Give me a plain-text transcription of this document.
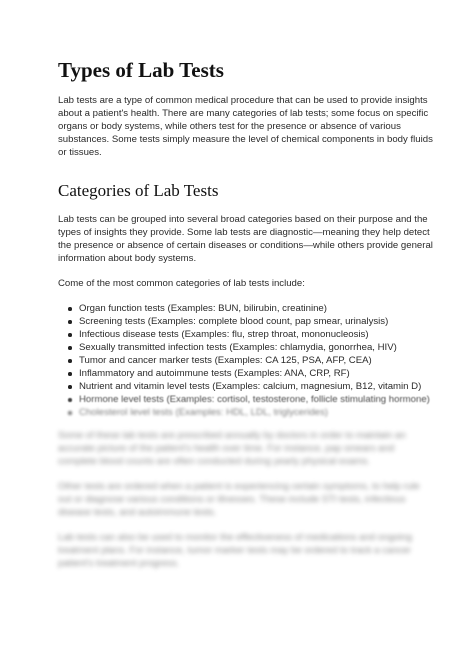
Types of Lab Tests

Lab tests are a type of common medical procedure that can be used to provide insights about a patient's health. There are many categories of lab tests; some focus on specific organs or body systems, while others test for the presence or absence of various substances. Some tests simply measure the level of chemical components in body fluids or tissues.

Categories of Lab Tests

Lab tests can be grouped into several broad categories based on their purpose and the types of insights they provide. Some lab tests are diagnostic—meaning they help detect the presence or absence of certain diseases or conditions—while others provide general information about body systems.

Come of the most common categories of lab tests include:

Organ function tests (Examples: BUN, bilirubin, creatinine)
Screening tests (Examples: complete blood count, pap smear, urinalysis)
Infectious disease tests (Examples: flu, strep throat, mononucleosis)
Sexually transmitted infection tests (Examples: chlamydia, gonorrhea, HIV)
Tumor and cancer marker tests (Examples: CA 125, PSA, AFP, CEA)
Inflammatory and autoimmune tests (Examples: ANA, CRP, RF)
Nutrient and vitamin level tests (Examples: calcium, magnesium, B12, vitamin D)
Hormone level tests (Examples: cortisol, testosterone, follicle stimulating hormone)
Cholesterol level tests (Examples: HDL, LDL, triglycerides)

Some of these lab tests are prescribed annually by doctors in order to maintain an accurate picture of the patient's health over time. For instance, pap smears and complete blood counts are often conducted during yearly physical exams.

Other tests are ordered when a patient is experiencing certain symptoms, to help rule out or diagnose various conditions or illnesses. These include STI tests, infectious disease tests, and autoimmune tests.

Lab tests can also be used to monitor the effectiveness of medications and ongoing treatment plans. For instance, tumor marker tests may be ordered to track a cancer patient's treatment progress.
